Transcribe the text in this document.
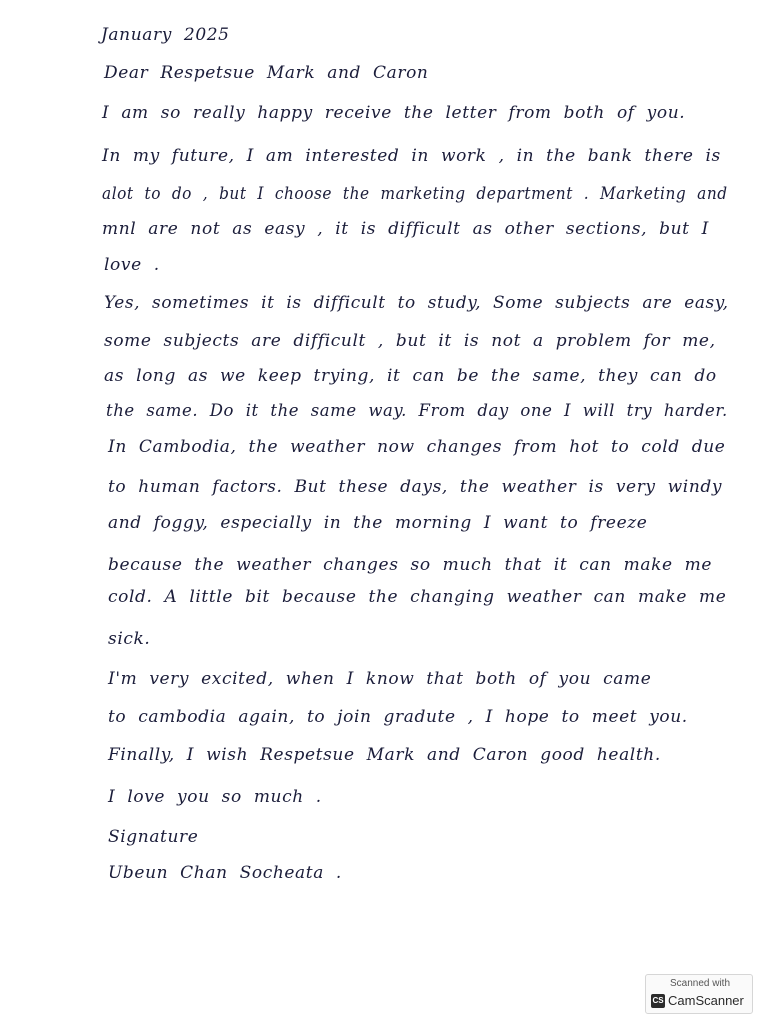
January 2025
Dear Respetsue Mark and Caron
I am so really happy receive the letter from both of you.
In my future, I am interested in work , in the bank there is
alot to do , but I choose the marketing department . Marketing and
mnl are not as easy , it is difficult as other sections, but I
love .
Yes, sometimes it is difficult to study, Some subjects are easy,
some subjects are difficult , but it is not a problem for me,
as long as we keep trying, it can be the same, they can do
the same. Do it the same way. From day one I will try harder.
In Cambodia, the weather now changes from hot to cold due
to human factors. But these days, the weather is very windy
and foggy, especially in the morning I want to freeze
because the weather changes so much that it can make me
cold. A little bit because the changing weather can make me
sick.
I'm very excited, when I know that both of you came
to cambodia again, to join gradute , I hope to meet you.
Finally, I wish Respetsue Mark and Caron good health.
I love you so much .
Signature
Ubeun Chan Socheata .
Scanned with
CS CamScanner
